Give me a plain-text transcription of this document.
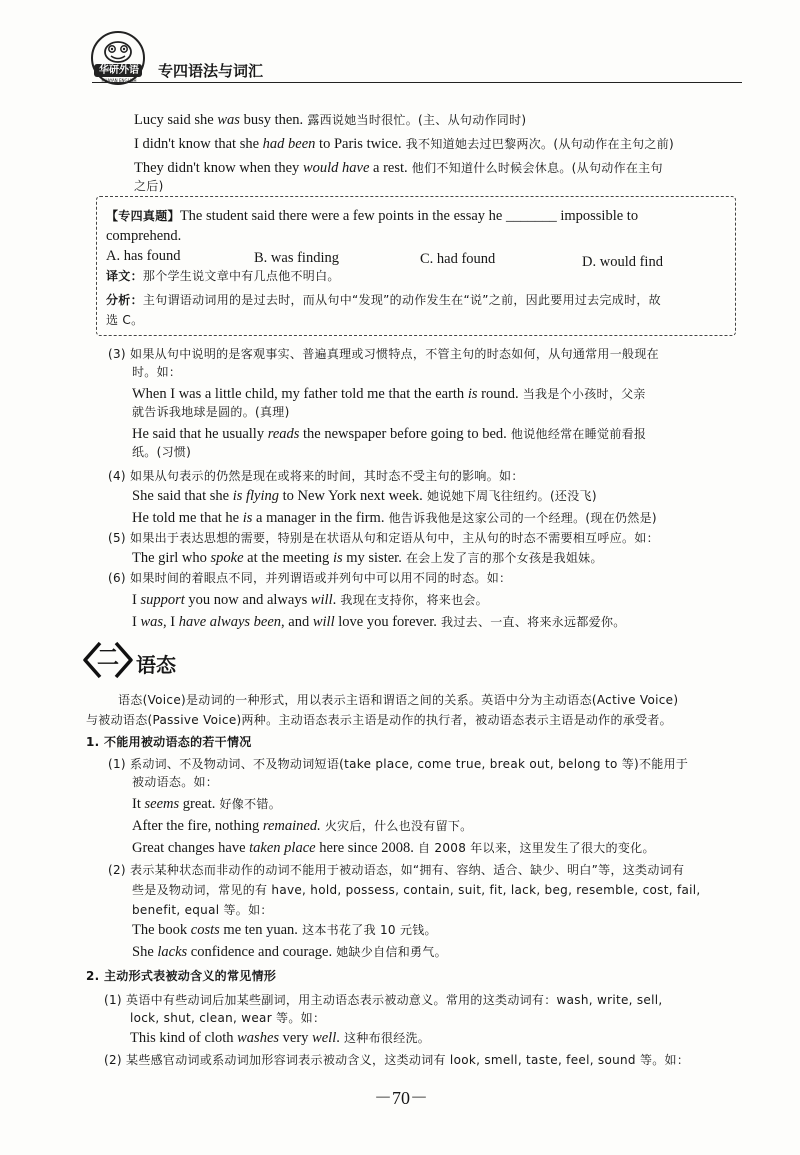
华研外语
HUAYAN ENGLISH
专四语法与词汇
Lucy said she was busy then. 露西说她当时很忙。(主、从句动作同时)
I didn't know that she had been to Paris twice. 我不知道她去过巴黎两次。(从句动作在主句之前)
They didn't know when they would have a rest. 他们不知道什么时候会休息。(从句动作在主句
之后)
【专四真题】The student said there were a few points in the essay he _______ impossible to
comprehend.
A. has found	B. was finding	C. had found	D. would find
译文：那个学生说文章中有几点他不明白。
分析：主句谓语动词用的是过去时，而从句中“发现”的动作发生在“说”之前，因此要用过去完成时，故
选 C。
(3) 如果从句中说明的是客观事实、普遍真理或习惯特点，不管主句的时态如何，从句通常用一般现在
时。如：
When I was a little child, my father told me that the earth is round. 当我是个小孩时，父亲
就告诉我地球是圆的。(真理)
He said that he usually reads the newspaper before going to bed. 他说他经常在睡觉前看报
纸。(习惯)
(4) 如果从句表示的仍然是现在或将来的时间，其时态不受主句的影响。如：
She said that she is flying to New York next week. 她说她下周飞往纽约。(还没飞)
He told me that he is a manager in the firm. 他告诉我他是这家公司的一个经理。(现在仍然是)
(5) 如果出于表达思想的需要，特别是在状语从句和定语从句中，主从句的时态不需要相互呼应。如：
The girl who spoke at the meeting is my sister. 在会上发了言的那个女孩是我姐妹。
(6) 如果时间的着眼点不同，并列谓语或并列句中可以用不同的时态。如：
I support you now and always will. 我现在支持你，将来也会。
I was, I have always been, and will love you forever. 我过去、一直、将来永远都爱你。
二 语态
语态(Voice)是动词的一种形式，用以表示主语和谓语之间的关系。英语中分为主动语态(Active Voice)
与被动语态(Passive Voice)两种。主动语态表示主语是动作的执行者，被动语态表示主语是动作的承受者。
1. 不能用被动语态的若干情况
(1) 系动词、不及物动词、不及物动词短语(take place, come true, break out, belong to 等)不能用于
被动语态。如：
It seems great. 好像不错。
After the fire, nothing remained. 火灾后，什么也没有留下。
Great changes have taken place here since 2008. 自 2008 年以来，这里发生了很大的变化。
(2) 表示某种状态而非动作的动词不能用于被动语态，如“拥有、容纳、适合、缺少、明白”等，这类动词有
些是及物动词，常见的有 have, hold, possess, contain, suit, fit, lack, beg, resemble, cost, fail,
benefit, equal 等。如：
The book costs me ten yuan. 这本书花了我 10 元钱。
She lacks confidence and courage. 她缺少自信和勇气。
2. 主动形式表被动含义的常见情形
(1) 英语中有些动词后加某些副词，用主动语态表示被动意义。常用的这类动词有：wash, write, sell,
lock, shut, clean, wear 等。如：
This kind of cloth washes very well. 这种布很经洗。
(2) 某些感官动词或系动词加形容词表示被动含义，这类动词有 look, smell, taste, feel, sound 等。如：
－70－
